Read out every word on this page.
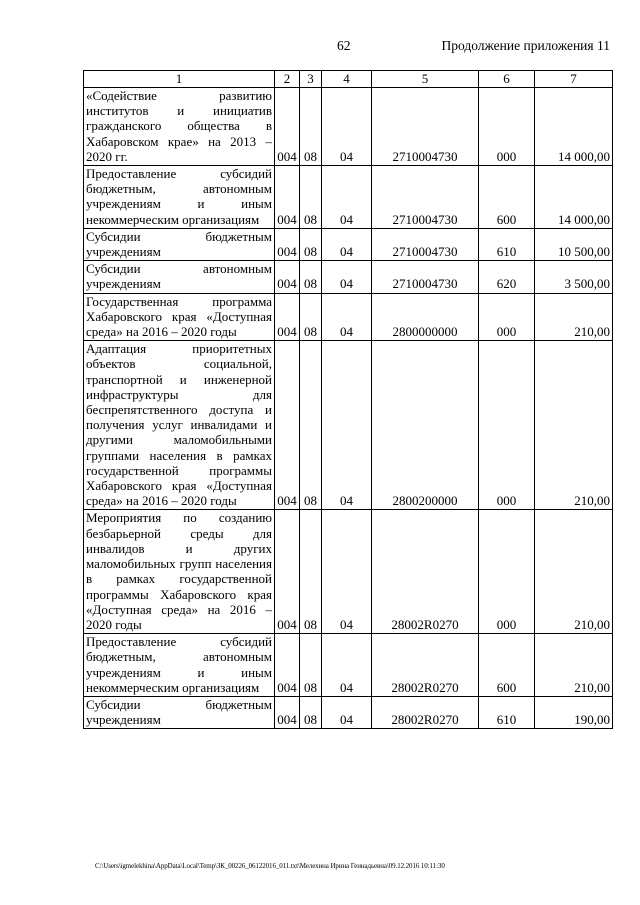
62	Продолжение приложения 11
1	2	3	4	5	6	7
«Содействие развитию институтов и инициатив гражданского общества в Хабаровском крае» на 2013 – 2020 гг.	004	08	04	2710004730	000	14 000,00
Предоставление субсидий бюджетным, автономным учреждениям и иным некоммерческим организациям	004	08	04	2710004730	600	14 000,00
Субсидии бюджетным учреждениям	004	08	04	2710004730	610	10 500,00
Субсидии автономным учреждениям	004	08	04	2710004730	620	3 500,00
Государственная программа Хабаровского края «Доступная среда» на 2016 – 2020 годы	004	08	04	2800000000	000	210,00
Адаптация приоритетных объектов социальной, транспортной и инженерной инфраструктуры для беспрепятственного доступа и получения услуг инвалидами и другими маломобильными группами населения в рамках государственной программы Хабаровского края «Доступная среда» на 2016 – 2020 годы	004	08	04	2800200000	000	210,00
Мероприятия по созданию безбарьерной среды для инвалидов и других маломобильных групп населения в рамках государственной программы Хабаровского края «Доступная среда» на 2016 – 2020 годы	004	08	04	28002R0270	000	210,00
Предоставление субсидий бюджетным, автономным учреждениям и иным некоммерческим организациям	004	08	04	28002R0270	600	210,00
Субсидии бюджетным учреждениям	004	08	04	28002R0270	610	190,00
C:\Users\igmelekhina\AppData\Local\Temp\ЗК_00226_06122016_011.txt\Мелехина Ирина Геннадьевна\09.12.2016 10:11:30
